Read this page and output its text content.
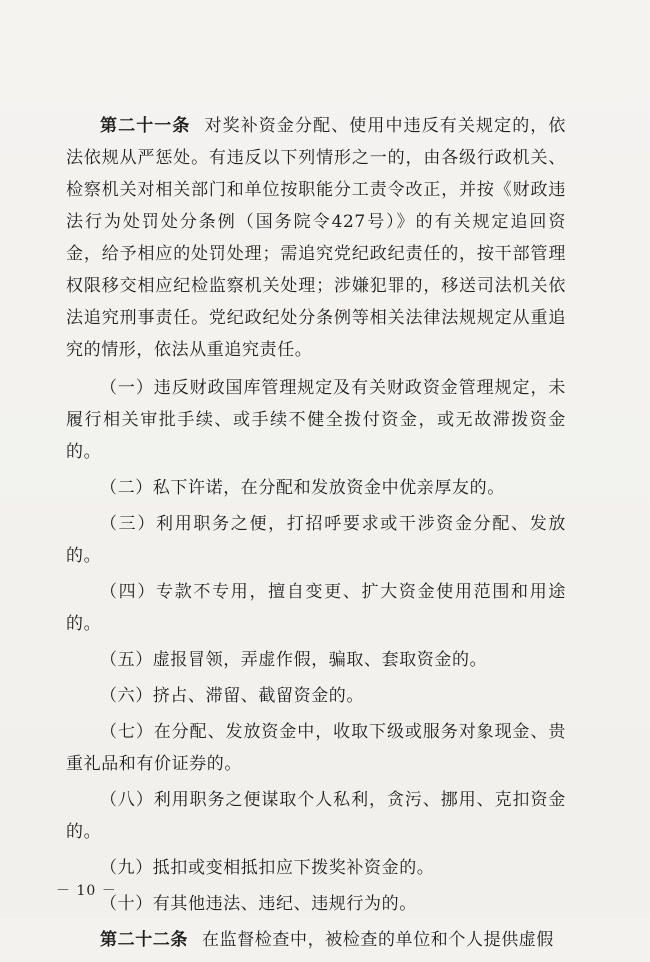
第二十一条 对奖补资金分配、使用中违反有关规定的，依法依规从严惩处。有违反以下列情形之一的，由各级行政机关、检察机关对相关部门和单位按职能分工责令改正，并按《财政违法行为处罚处分条例（国务院令427号）》的有关规定追回资金，给予相应的处罚处理；需追究党纪政纪责任的，按干部管理权限移交相应纪检监察机关处理；涉嫌犯罪的，移送司法机关依法追究刑事责任。党纪政纪处分条例等相关法律法规规定从重追究的情形，依法从重追究责任。

（一）违反财政国库管理规定及有关财政资金管理规定，未履行相关审批手续、或手续不健全拨付资金，或无故滞拨资金的。

（二）私下许诺，在分配和发放资金中优亲厚友的。

（三）利用职务之便，打招呼要求或干涉资金分配、发放的。

（四）专款不专用，擅自变更、扩大资金使用范围和用途的。

（五）虚报冒领，弄虚作假，骗取、套取资金的。

（六）挤占、滞留、截留资金的。

（七）在分配、发放资金中，收取下级或服务对象现金、贵重礼品和有价证券的。

（八）利用职务之便谋取个人私利，贪污、挪用、克扣资金的。

（九）抵扣或变相抵扣应下拨奖补资金的。

（十）有其他违法、违纪、违规行为的。

第二十二条 在监督检查中，被检查的单位和个人提供虚假

－ 10 －
